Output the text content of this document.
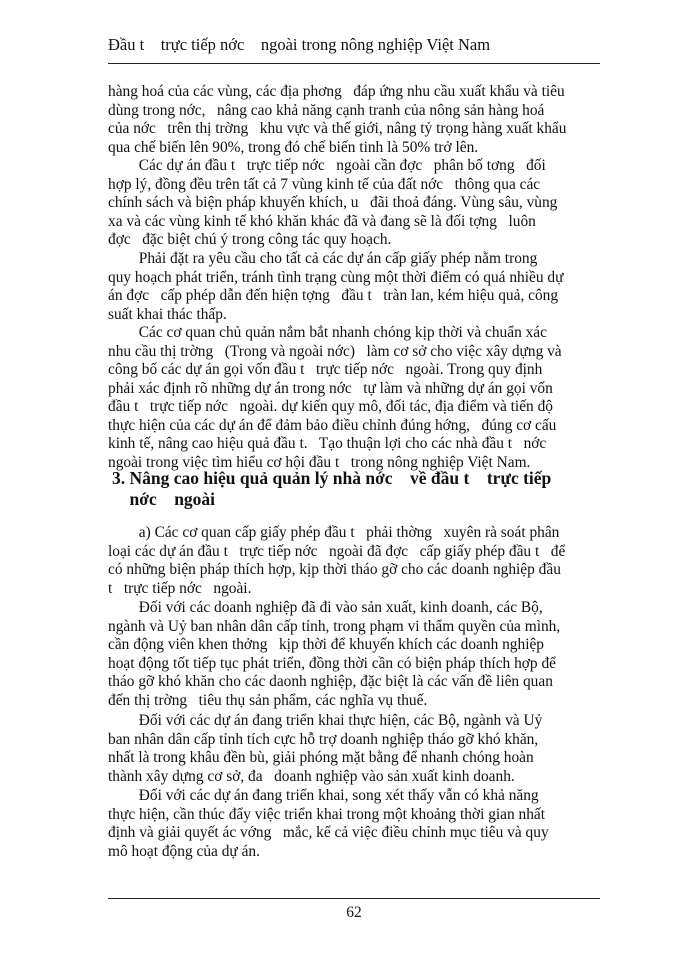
Đầu t    trực tiếp nớc    ngoài trong nông nghiệp Việt Nam
hàng hoá của các vùng, các địa phơng   đáp ứng nhu cầu xuất khẩu và tiêu
dùng trong nớc,   nâng cao khả năng cạnh tranh của nông sản hàng hoá
của nớc   trên thị trờng   khu vực và thế giới, nâng tỷ trọng hàng xuất khẩu
qua chế biến lên 90%, trong đó chế biến tinh là 50% trở lên.
Các dự án đầu t   trực tiếp nớc   ngoài cần đợc   phân bố tơng   đối
hợp lý, đồng đều trên tất cả 7 vùng kinh tế của đất nớc   thông qua các
chính sách và biện pháp khuyến khích, u   đãi thoả đáng. Vùng sâu, vùng
xa và các vùng kinh tế khó khăn khác đã và đang sẽ là đối tợng   luôn
đợc   đặc biệt chú ý trong công tác quy hoạch.
Phải đặt ra yêu cầu cho tất cả các dự án cấp giấy phép nằm trong
quy hoạch phát triển, tránh tình trạng cùng một thời điểm có quá nhiều dự
án đợc   cấp phép dẫn đến hiện tợng   đầu t   tràn lan, kém hiệu quả, công
suất khai thác thấp.
Các cơ quan chủ quản nắm bắt nhanh chóng kịp thời và chuẩn xác
nhu cầu thị trờng   (Trong và ngoài nớc)   làm cơ sở cho việc xây dựng và
công bố các dự án gọi vốn đầu t   trực tiếp nớc   ngoài. Trong quy định
phải xác định rõ những dự án trong nớc   tự làm và những dự án gọi vốn
đầu t   trực tiếp nớc   ngoài. dự kiến quy mô, đối tác, địa điểm và tiến độ
thực hiện của các dự án để đảm bảo điều chỉnh đúng hớng,   đúng cơ cấu
kinh tế, nâng cao hiệu quả đầu t.   Tạo thuận lợi cho các nhà đầu t   nớc
ngoài trong việc tìm hiểu cơ hội đầu t   trong nông nghiệp Việt Nam.
3. Nâng cao hiệu quả quản lý nhà nớc    về đầu t    trực tiếp
nớc    ngoài
a) Các cơ quan cấp giấy phép đầu t   phải thờng   xuyên rà soát phân
loại các dự án đầu t   trực tiếp nớc   ngoài đã đợc   cấp giấy phép đầu t   để
có những biện pháp thích hợp, kịp thời tháo gỡ cho các doanh nghiệp đầu
t   trực tiếp nớc   ngoài.
Đối với các doanh nghiệp đã đi vào sản xuất, kinh doanh, các Bộ,
ngành và Uỷ ban nhân dân cấp tỉnh, trong phạm vi thẩm quyền của mình,
cần động viên khen thởng   kịp thời để khuyến khích các doanh nghiệp
hoạt động tốt tiếp tục phát triển, đồng thời cần có biện pháp thích hợp để
tháo gỡ khó khăn cho các daonh nghiệp, đặc biệt là các vấn đề liên quan
đến thị trờng   tiêu thụ sản phẩm, các nghĩa vụ thuế.
Đối với các dự án đang triển khai thực hiện, các Bộ, ngành và Uỷ
ban nhân dân cấp tỉnh tích cực hỗ trợ doanh nghiệp tháo gỡ khó khăn,
nhất là trong khâu đền bù, giải phóng mặt bằng để nhanh chóng hoàn
thành xây dựng cơ sở, đa   doanh nghiệp vào sản xuất kinh doanh.
Đối với các dự án đang triển khai, song xét thấy vẫn có khả năng
thực hiện, cần thúc đẩy việc triển khai trong một khoảng thời gian nhất
định và giải quyết ác vớng   mắc, kể cả việc điều chỉnh mục tiêu và quy
mô hoạt động của dự án.
62
